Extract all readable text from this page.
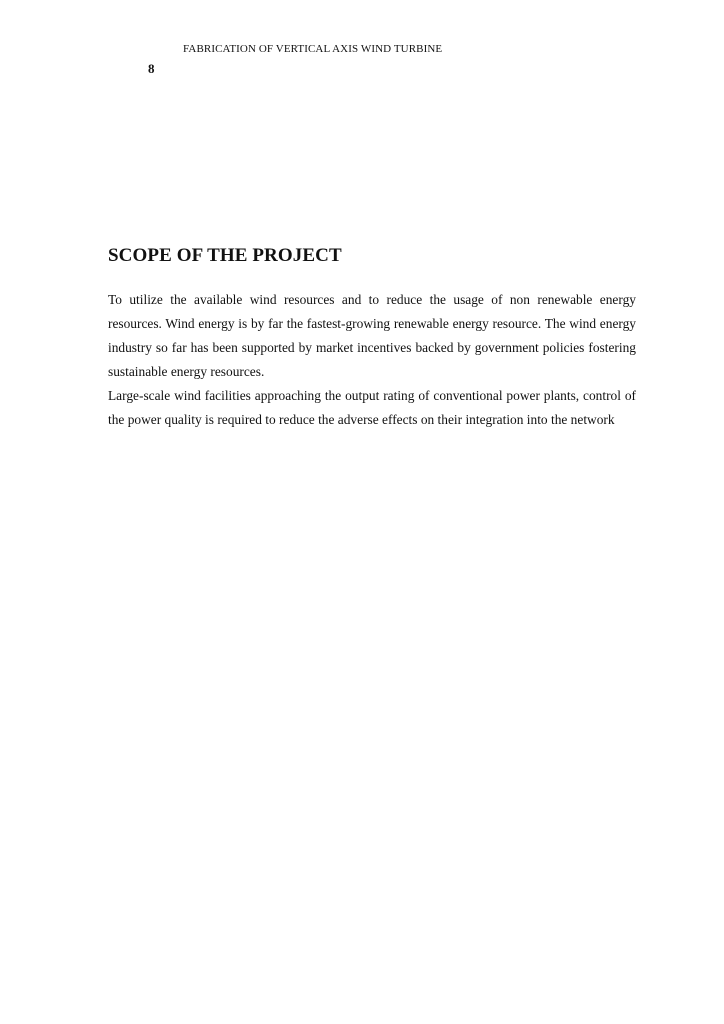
FABRICATION OF VERTICAL AXIS WIND TURBINE
8
SCOPE OF THE PROJECT

To utilize the available wind resources and to reduce the usage of non renewable energy resources. Wind energy is by far the fastest-growing renewable energy resource. The wind energy industry so far has been supported by market incentives backed by government policies fostering sustainable energy resources.

Large-scale wind facilities approaching the output rating of conventional power plants, control of the power quality is required to reduce the adverse effects on their integration into the network
